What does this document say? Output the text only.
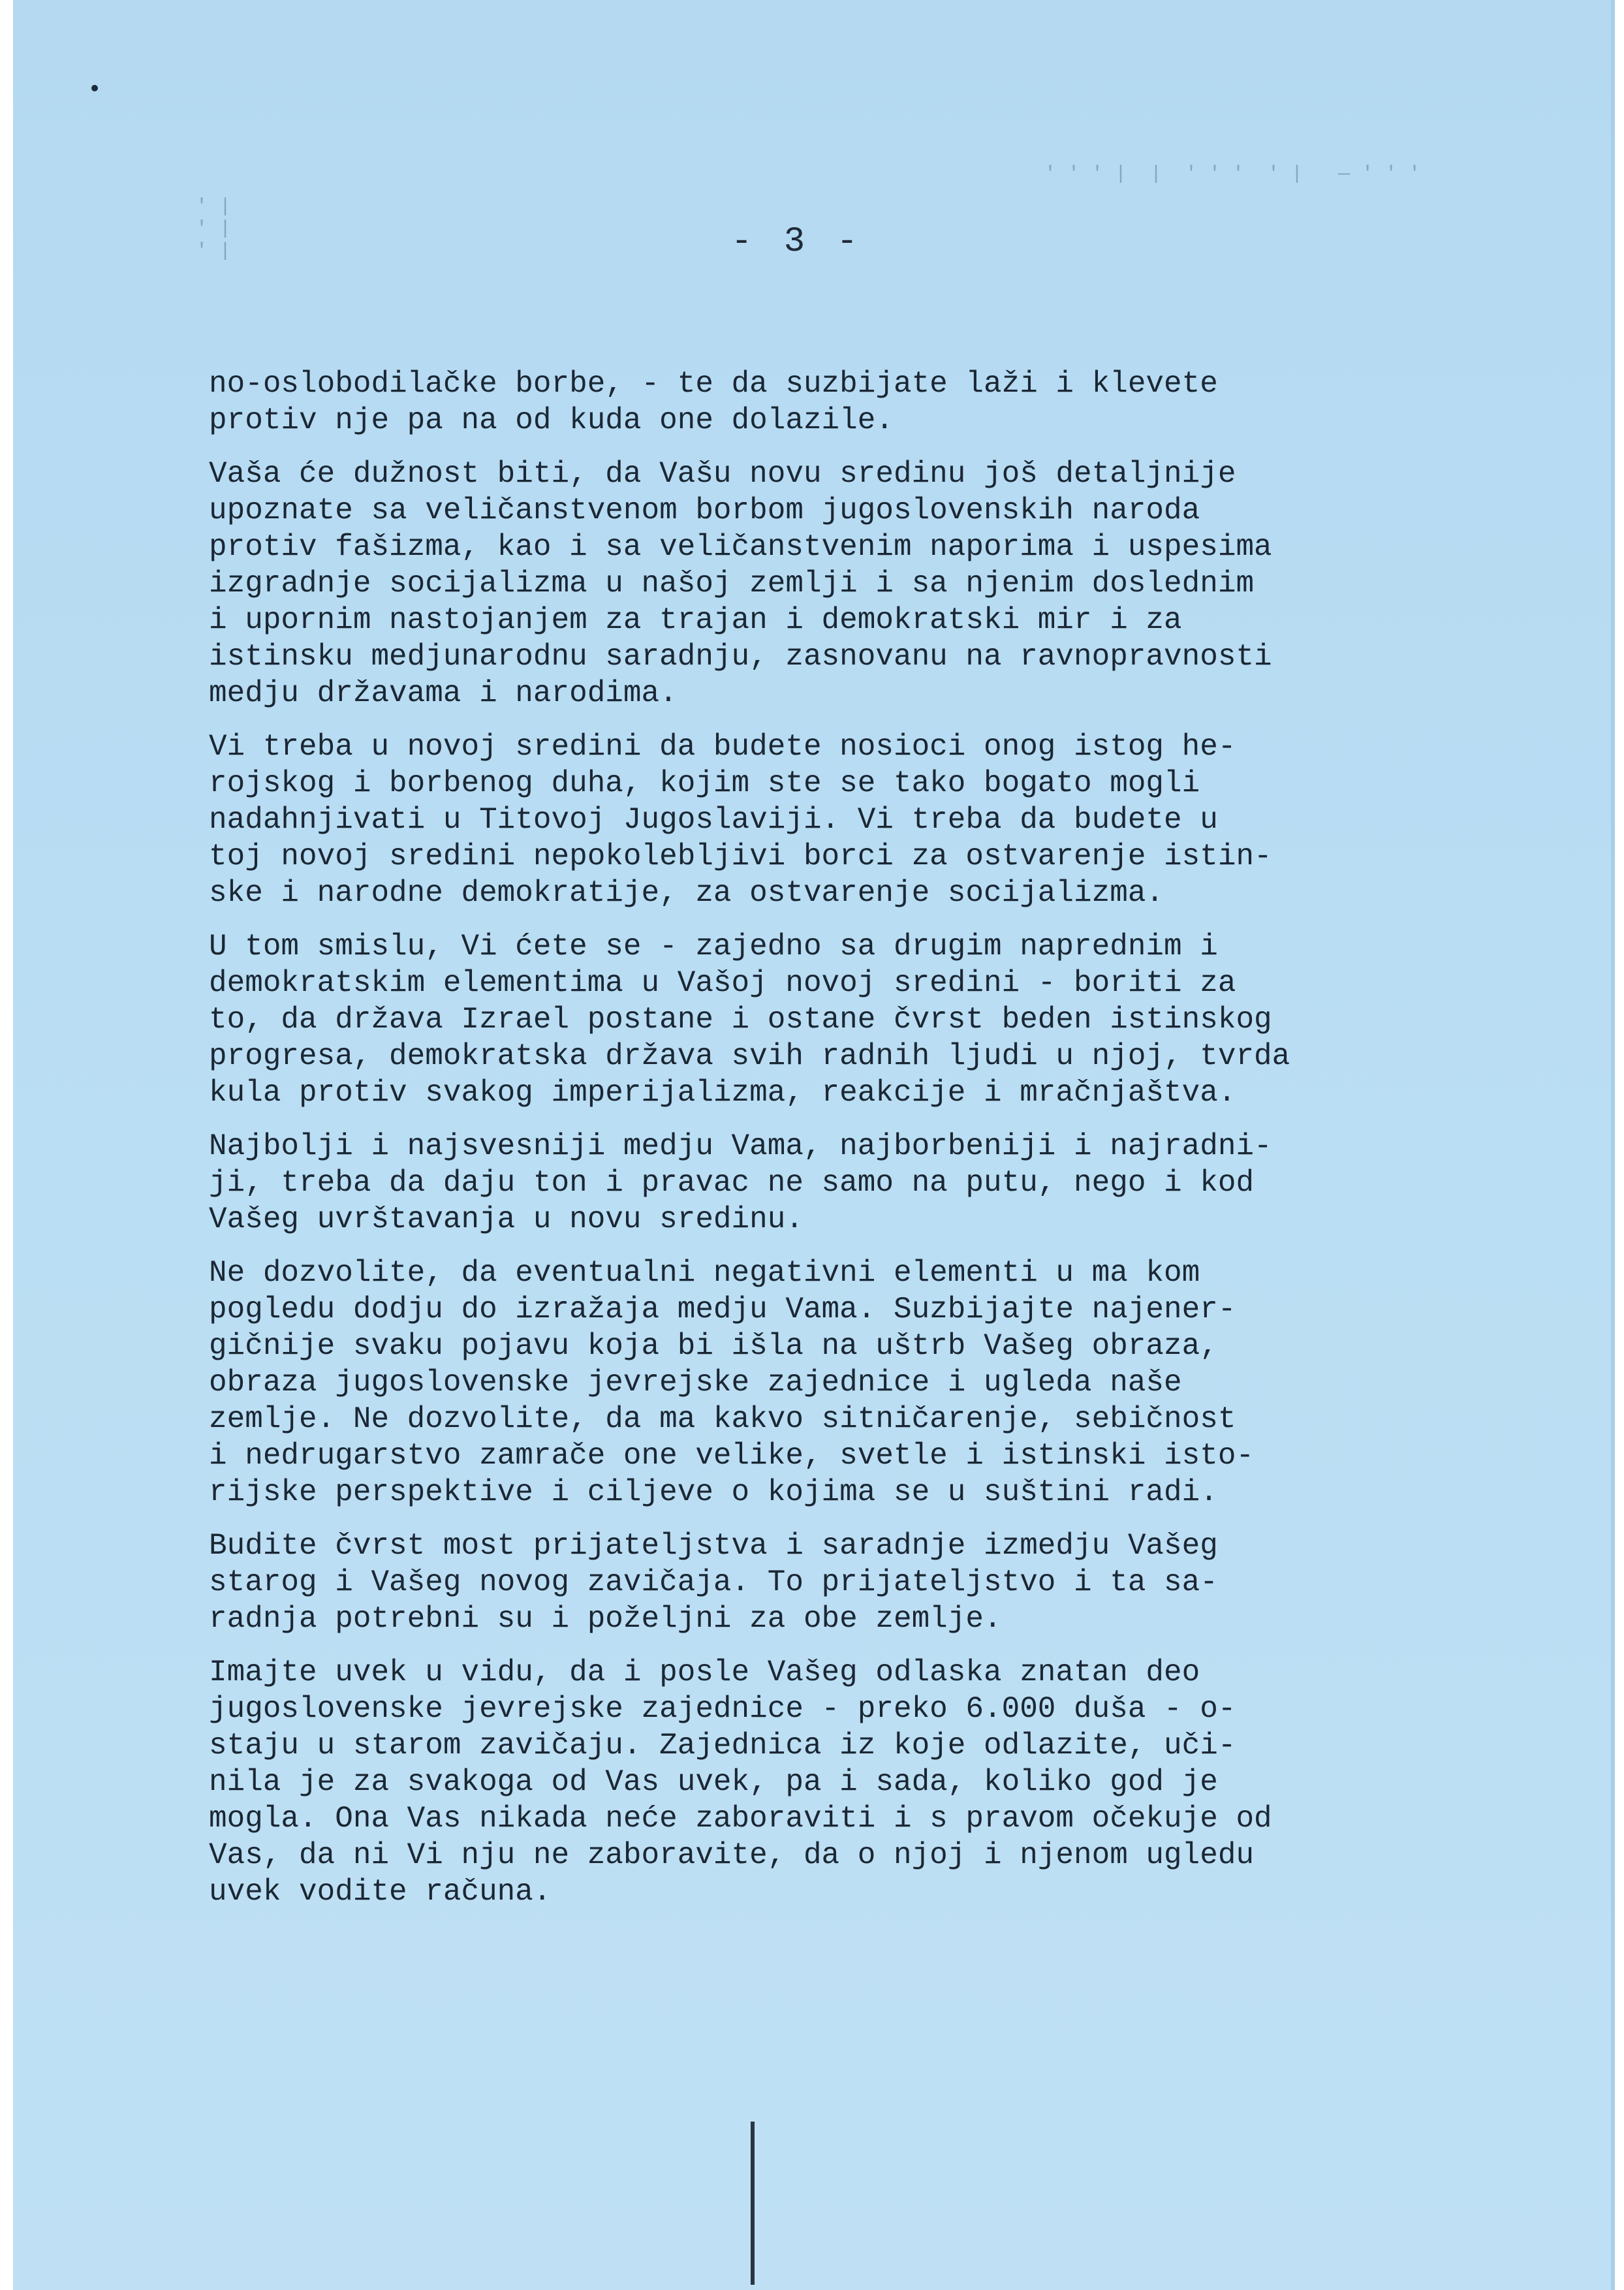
' |
' |
' |
' ' ' |  |  ' ' '  ' |   — ' ' '
- 3 -
no-oslobodilačke borbe, - te da suzbijate laži i klevete
protiv nje pa na od kuda one dolazile.
Vaša će dužnost biti, da Vašu novu sredinu još detaljnije
upoznate sa veličanstvenom borbom jugoslovenskih naroda
protiv fašizma, kao i sa veličanstvenim naporima i uspesima
izgradnje socijalizma u našoj zemlji i sa njenim doslednim
i upornim nastojanjem za trajan i demokratski mir i za
istinsku medjunarodnu saradnju, zasnovanu na ravnopravnosti
medju državama i narodima.
Vi treba u novoj sredini da budete nosioci onog istog he-
rojskog i borbenog duha, kojim ste se tako bogato mogli
nadahnjivati u Titovoj Jugoslaviji. Vi treba da budete u
toj novoj sredini nepokolebljivi borci za ostvarenje istin-
ske i narodne demokratije, za ostvarenje socijalizma.
U tom smislu, Vi ćete se - zajedno sa drugim naprednim i
demokratskim elementima u Vašoj novoj sredini - boriti za
to, da država Izrael postane i ostane čvrst beden istinskog
progresa, demokratska država svih radnih ljudi u njoj, tvrdа
kula protiv svakog imperijalizma, reakcije i mračnjaštva.
Najbolji i najsvesniji medju Vama, najborbeniji i najradni-
ji, treba da daju ton i pravac ne samo na putu, nego i kod
Vašeg uvrštavanja u novu sredinu.
Ne dozvolite, da eventualni negativni elementi u ma kom
pogledu dodju do izražaja medju Vama. Suzbijajte najener-
gičnije svaku pojavu koja bi išla na uštrb Vašeg obraza,
obraza jugoslovenske jevrejske zajednice i ugleda naše
zemlje. Ne dozvolite, da ma kakvo sitničarenje, sebičnost
i nedrugarstvo zamrače one velike, svetle i istinski isto-
rijske perspektive i ciljeve o kojima se u suštini radi.
Budite čvrst most prijateljstva i saradnje izmedju Vašeg
starog i Vašeg novog zavičaja. To prijateljstvo i ta sa-
radnja potrebni su i poželjni za obe zemlje.
Imajte uvek u vidu, da i posle Vašeg odlaska znatan deo
jugoslovenske jevrejske zajednice - preko 6.000 duša - o-
staju u starom zavičaju. Zajednica iz koje odlazite, uči-
nila je za svakoga od Vas uvek, pa i sada, koliko god je
mogla. Ona Vas nikada neće zaboraviti i s pravom očekuje od
Vas, da ni Vi nju ne zaboravite, da o njoj i njenom ugledu
uvek vodite računa.
